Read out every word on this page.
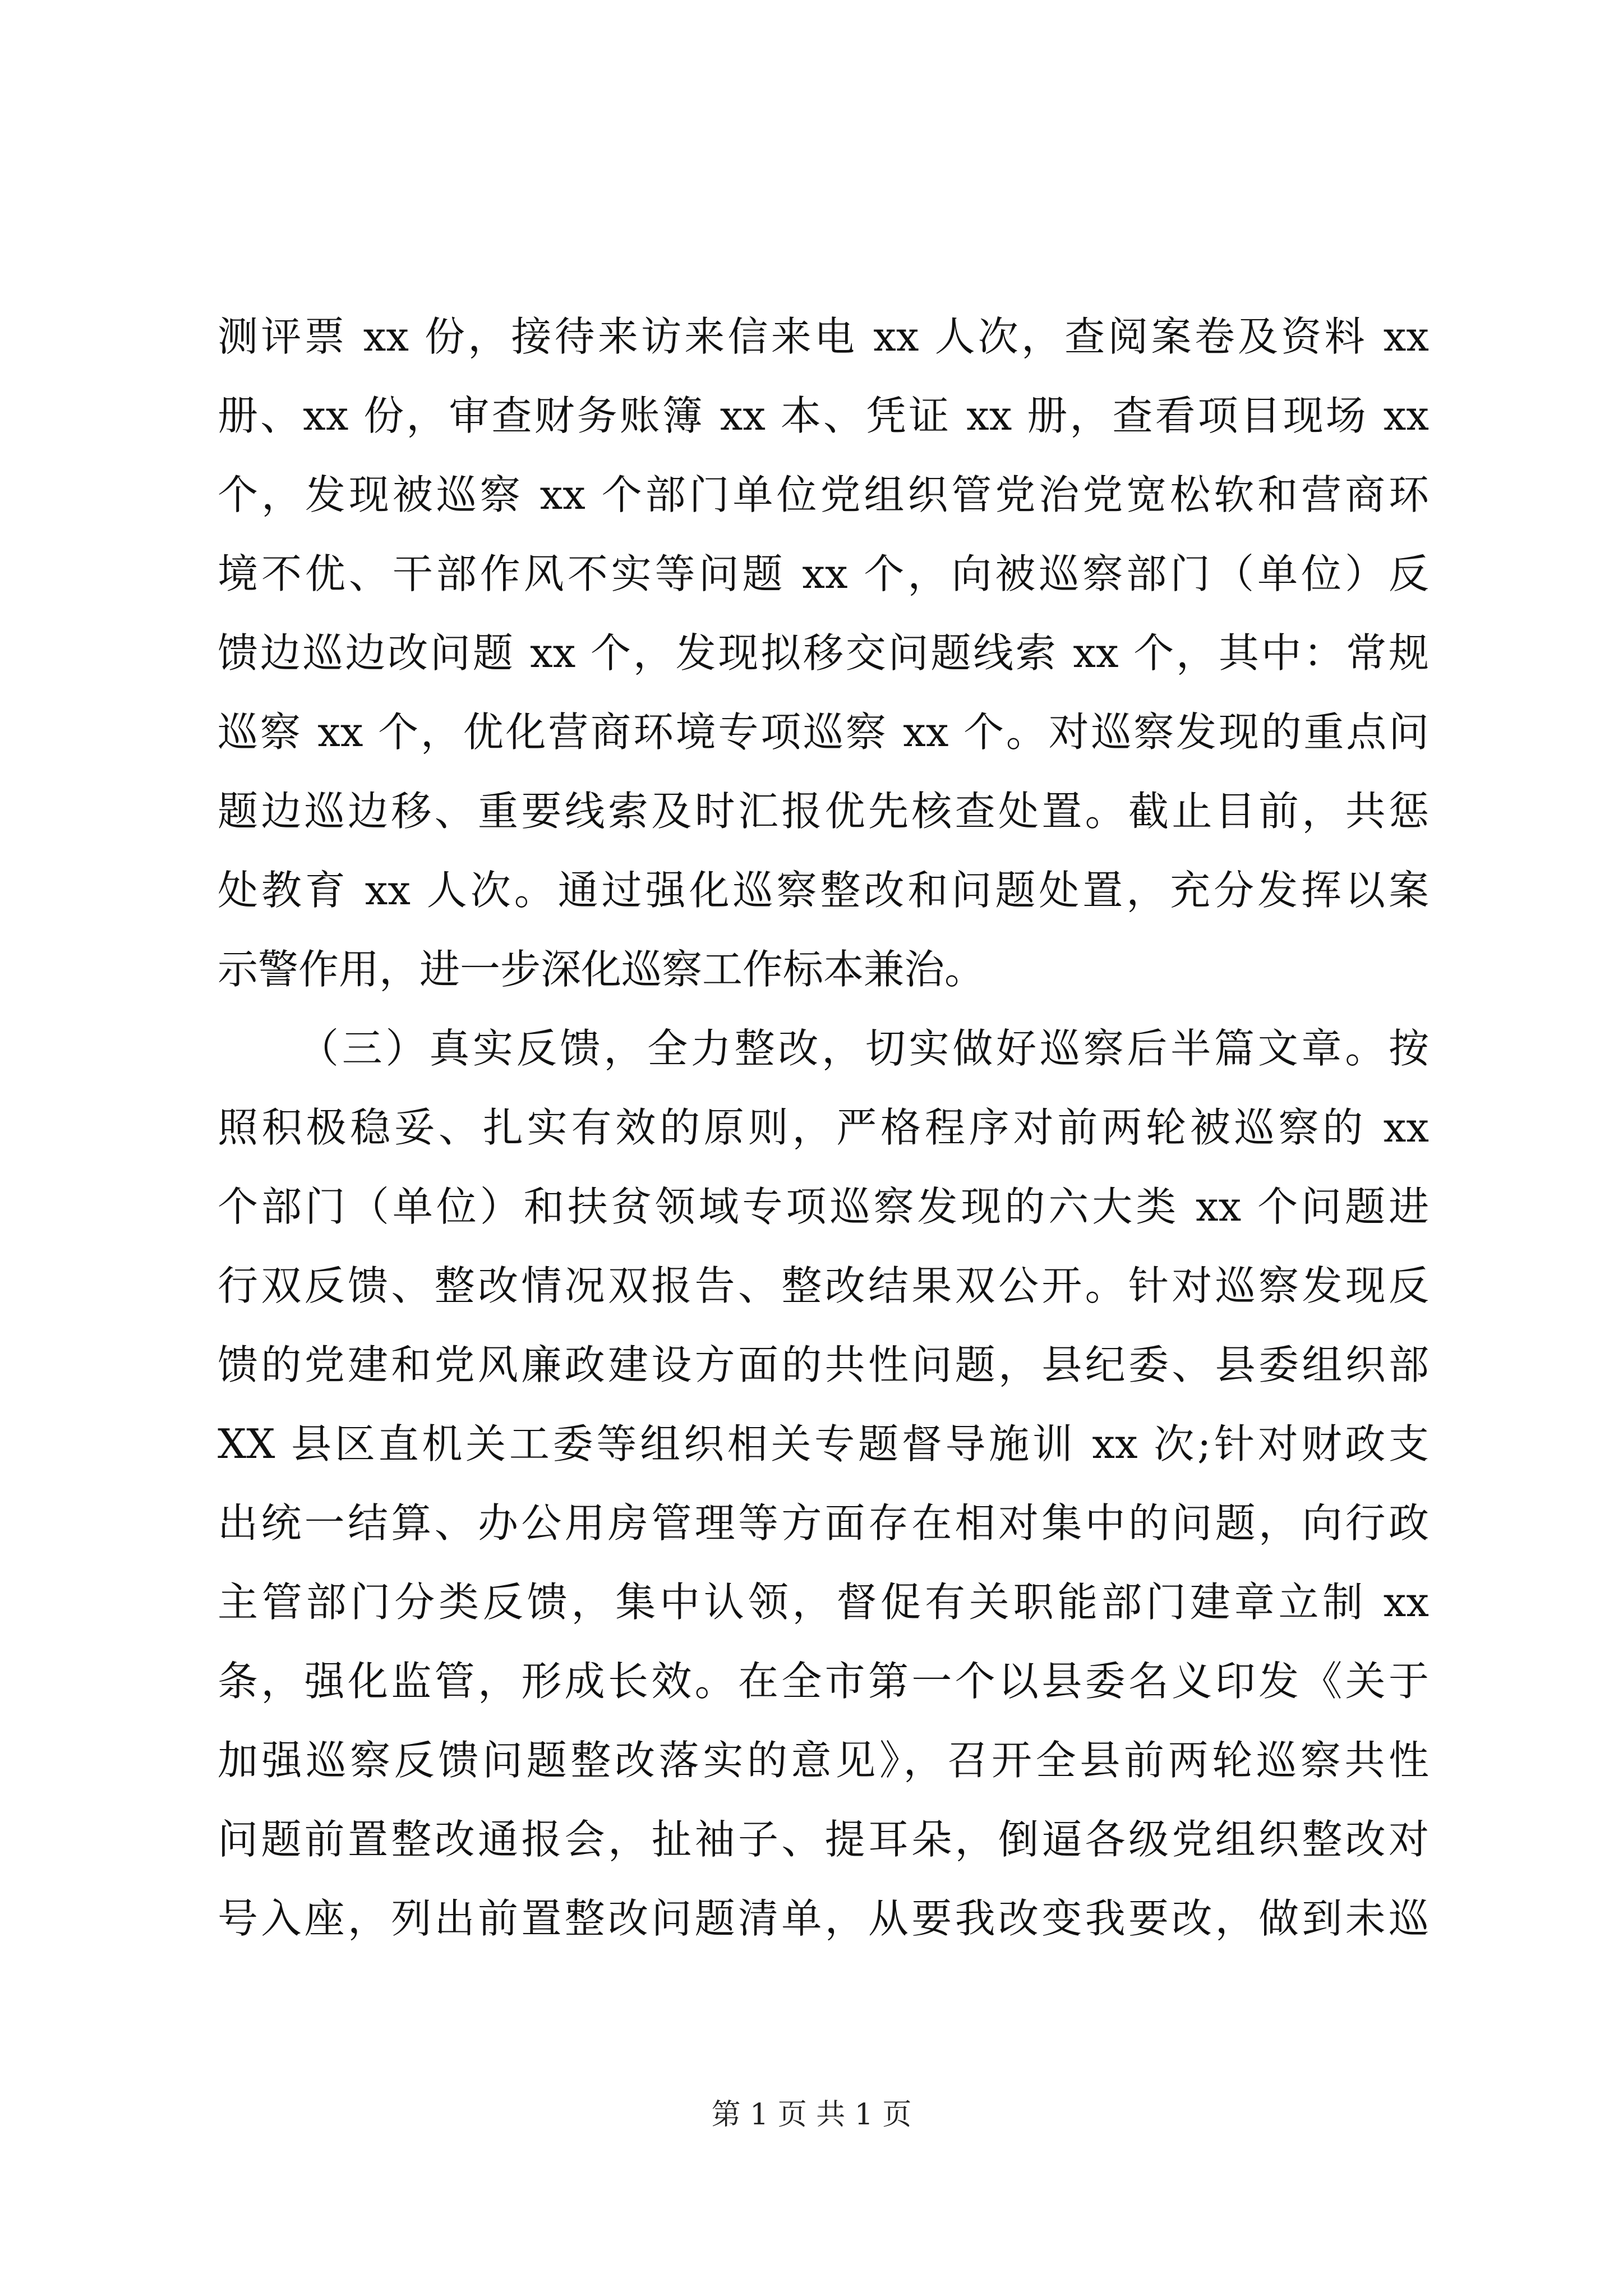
测评票 xx 份，接待来访来信来电 xx 人次，查阅案卷及资料 xx
册、xx 份，审查财务账簿 xx 本、凭证 xx 册，查看项目现场 xx
个，发现被巡察 xx 个部门单位党组织管党治党宽松软和营商环
境不优、干部作风不实等问题 xx 个，向被巡察部门（单位）反
馈边巡边改问题 xx 个，发现拟移交问题线索 xx 个，其中：常规
巡察 xx 个，优化营商环境专项巡察 xx 个。对巡察发现的重点问
题边巡边移、重要线索及时汇报优先核查处置。截止目前，共惩
处教育 xx 人次。通过强化巡察整改和问题处置，充分发挥以案
示警作用，进一步深化巡察工作标本兼治。
（三）真实反馈，全力整改，切实做好巡察后半篇文章。按
照积极稳妥、扎实有效的原则，严格程序对前两轮被巡察的 xx
个部门（单位）和扶贫领域专项巡察发现的六大类 xx 个问题进
行双反馈、整改情况双报告、整改结果双公开。针对巡察发现反
馈的党建和党风廉政建设方面的共性问题，县纪委、县委组织部
XX 县区直机关工委等组织相关专题督导施训 xx 次;针对财政支
出统一结算、办公用房管理等方面存在相对集中的问题，向行政
主管部门分类反馈，集中认领，督促有关职能部门建章立制 xx
条，强化监管，形成长效。在全市第一个以县委名义印发《关于
加强巡察反馈问题整改落实的意见》，召开全县前两轮巡察共性
问题前置整改通报会，扯袖子、提耳朵，倒逼各级党组织整改对
号入座，列出前置整改问题清单，从要我改变我要改，做到未巡
第 1 页 共 1 页
